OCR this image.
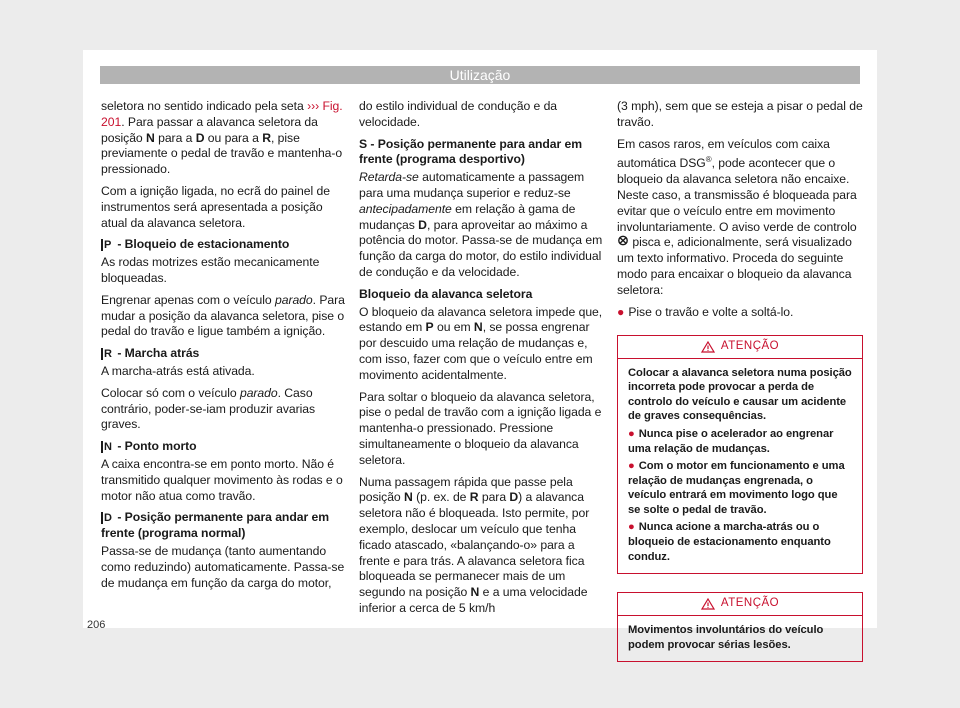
Utilização

seletora no sentido indicado pela seta ››› Fig. 201. Para passar a alavanca seletora da posição N para a D ou para a R, pise previamente o pedal de travão e mantenha-o pressionado.

Com a ignição ligada, no ecrã do painel de instrumentos será apresentada a posição atual da alavanca seletora.

P - Bloqueio de estacionamento

As rodas motrizes estão mecanicamente bloqueadas.

Engrenar apenas com o veículo parado. Para mudar a posição da alavanca seletora, pise o pedal do travão e ligue também a ignição.

R - Marcha atrás

A marcha-atrás está ativada.

Colocar só com o veículo parado. Caso contrário, poder-se-iam produzir avarias graves.

N - Ponto morto

A caixa encontra-se em ponto morto. Não é transmitido qualquer movimento às rodas e o motor não atua como travão.

D - Posição permanente para andar em frente (programa normal)

Passa-se de mudança (tanto aumentando como reduzindo) automaticamente. Passa-se de mudança em função da carga do motor,

do estilo individual de condução e da velocidade.

S - Posição permanente para andar em frente (programa desportivo)

Retarda-se automaticamente a passagem para uma mudança superior e reduz-se antecipadamente em relação à gama de mudanças D, para aproveitar ao máximo a potência do motor. Passa-se de mudança em função da carga do motor, do estilo individual de condução e da velocidade.

Bloqueio da alavanca seletora

O bloqueio da alavanca seletora impede que, estando em P ou em N, se possa engrenar por descuido uma relação de mudanças e, com isso, fazer com que o veículo entre em movimento acidentalmente.

Para soltar o bloqueio da alavanca seletora, pise o pedal de travão com a ignição ligada e mantenha-o pressionado. Pressione simultaneamente o bloqueio da alavanca seletora.

Numa passagem rápida que passe pela posição N (p. ex. de R para D) a alavanca seletora não é bloqueada. Isto permite, por exemplo, deslocar um veículo que tenha ficado atascado, «balançando-o» para a frente e para trás. A alavanca seletora fica bloqueada se permanecer mais de um segundo na posição N e a uma velocidade inferior a cerca de 5 km/h

(3 mph), sem que se esteja a pisar o pedal de travão.

Em casos raros, em veículos com caixa automática DSG®, pode acontecer que o bloqueio da alavanca seletora não encaixe. Neste caso, a transmissão é bloqueada para evitar que o veículo entre em movimento involuntariamente. O aviso verde de controlo  pisca e, adicionalmente, será visualizado um texto informativo. Proceda do seguinte modo para encaixar o bloqueio da alavanca seletora:

● Pise o travão e volte a soltá-lo.

ATENÇÃO

Colocar a alavanca seletora numa posição incorreta pode provocar a perda de controlo do veículo e causar um acidente de graves consequências.

● Nunca pise o acelerador ao engrenar uma relação de mudanças.

● Com o motor em funcionamento e uma relação de mudanças engrenada, o veículo entrará em movimento logo que se solte o pedal de travão.

● Nunca acione a marcha-atrás ou o bloqueio de estacionamento enquanto conduz.

ATENÇÃO

Movimentos involuntários do veículo podem provocar sérias lesões.

206
